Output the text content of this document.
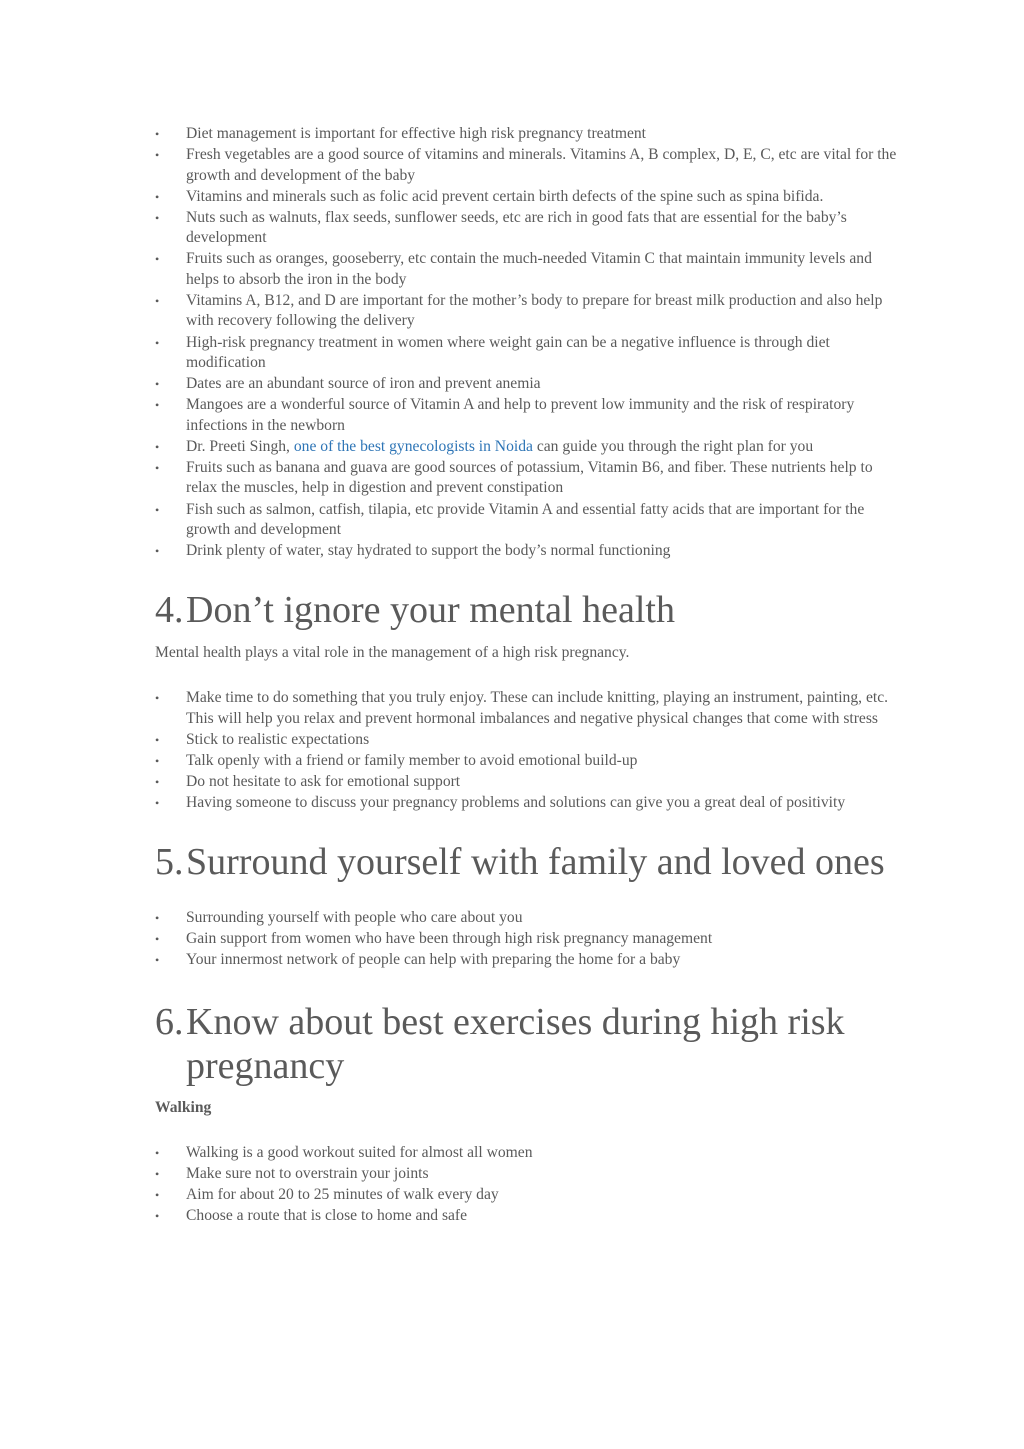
• Diet management is important for effective high risk pregnancy treatment
• Fresh vegetables are a good source of vitamins and minerals. Vitamins A, B complex, D, E, C, etc are vital for the growth and development of the baby
• Vitamins and minerals such as folic acid prevent certain birth defects of the spine such as spina bifida.
• Nuts such as walnuts, flax seeds, sunflower seeds, etc are rich in good fats that are essential for the baby’s development
• Fruits such as oranges, gooseberry, etc contain the much-needed Vitamin C that maintain immunity levels and helps to absorb the iron in the body
• Vitamins A, B12, and D are important for the mother’s body to prepare for breast milk production and also help with recovery following the delivery
• High-risk pregnancy treatment in women where weight gain can be a negative influence is through diet modification
• Dates are an abundant source of iron and prevent anemia
• Mangoes are a wonderful source of Vitamin A and help to prevent low immunity and the risk of respiratory infections in the newborn
• Dr. Preeti Singh, one of the best gynecologists in Noida can guide you through the right plan for you
• Fruits such as banana and guava are good sources of potassium, Vitamin B6, and fiber. These nutrients help to relax the muscles, help in digestion and prevent constipation
• Fish such as salmon, catfish, tilapia, etc provide Vitamin A and essential fatty acids that are important for the growth and development
• Drink plenty of water, stay hydrated to support the body’s normal functioning
4. Don’t ignore your mental health

Mental health plays a vital role in the management of a high risk pregnancy.

• Make time to do something that you truly enjoy. These can include knitting, playing an instrument, painting, etc. This will help you relax and prevent hormonal imbalances and negative physical changes that come with stress
• Stick to realistic expectations
• Talk openly with a friend or family member to avoid emotional build-up
• Do not hesitate to ask for emotional support
• Having someone to discuss your pregnancy problems and solutions can give you a great deal of positivity
5. Surround yourself with family and loved ones
• Surrounding yourself with people who care about you
• Gain support from women who have been through high risk pregnancy management
• Your innermost network of people can help with preparing the home for a baby
6. Know about best exercises during high risk pregnancy

Walking

• Walking is a good workout suited for almost all women
• Make sure not to overstrain your joints
• Aim for about 20 to 25 minutes of walk every day
• Choose a route that is close to home and safe
